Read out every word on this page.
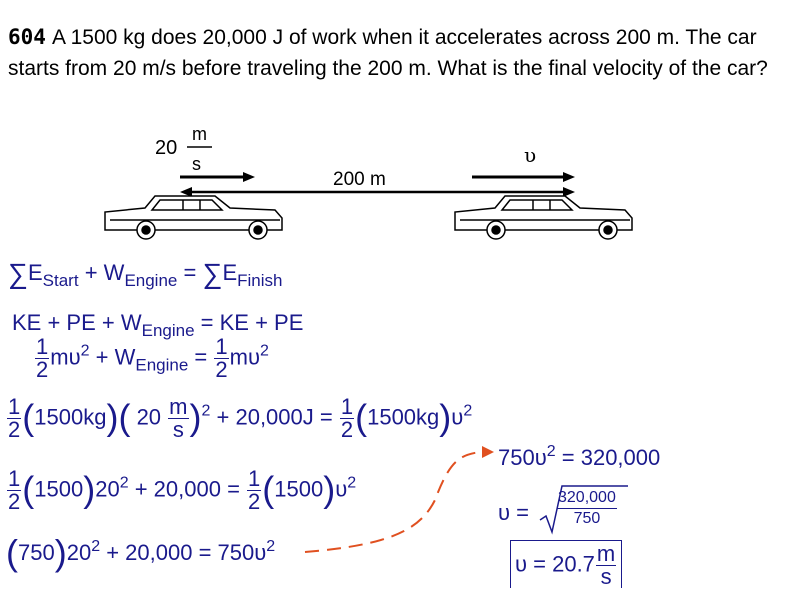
604 A 1500 kg does 20,000 J of work when it accelerates across 200 m. The car starts from 20 m/s before traveling the 200 m. What is the final velocity of the car?
20
m
s	υ
200 m
$\sum E_{Start} + W_{Engine} = \sum E_{Finish}$
KE + PE + $W_{Engine}$ = KE + PE
$\frac{1}{2} m\upsilon^2 + W_{Engine} = \frac{1}{2} m\upsilon^2$
$\frac{1}{2} (1500kg)$( $20 \frac{m}{s} )^2 + 20,000J = \frac{1}{2} (1500kg)\upsilon^2$
$\frac{1}{2} (1500)20^2 + 20,000 = \frac{1}{2} (1500)\upsilon^2$
$(750)20^2 + 20,000 = 750\upsilon^2$
$750\upsilon^2 = 320,000$
$\upsilon = \frac{320,000}{750}$
$\upsilon = 20.7 \frac{m}{s}$
